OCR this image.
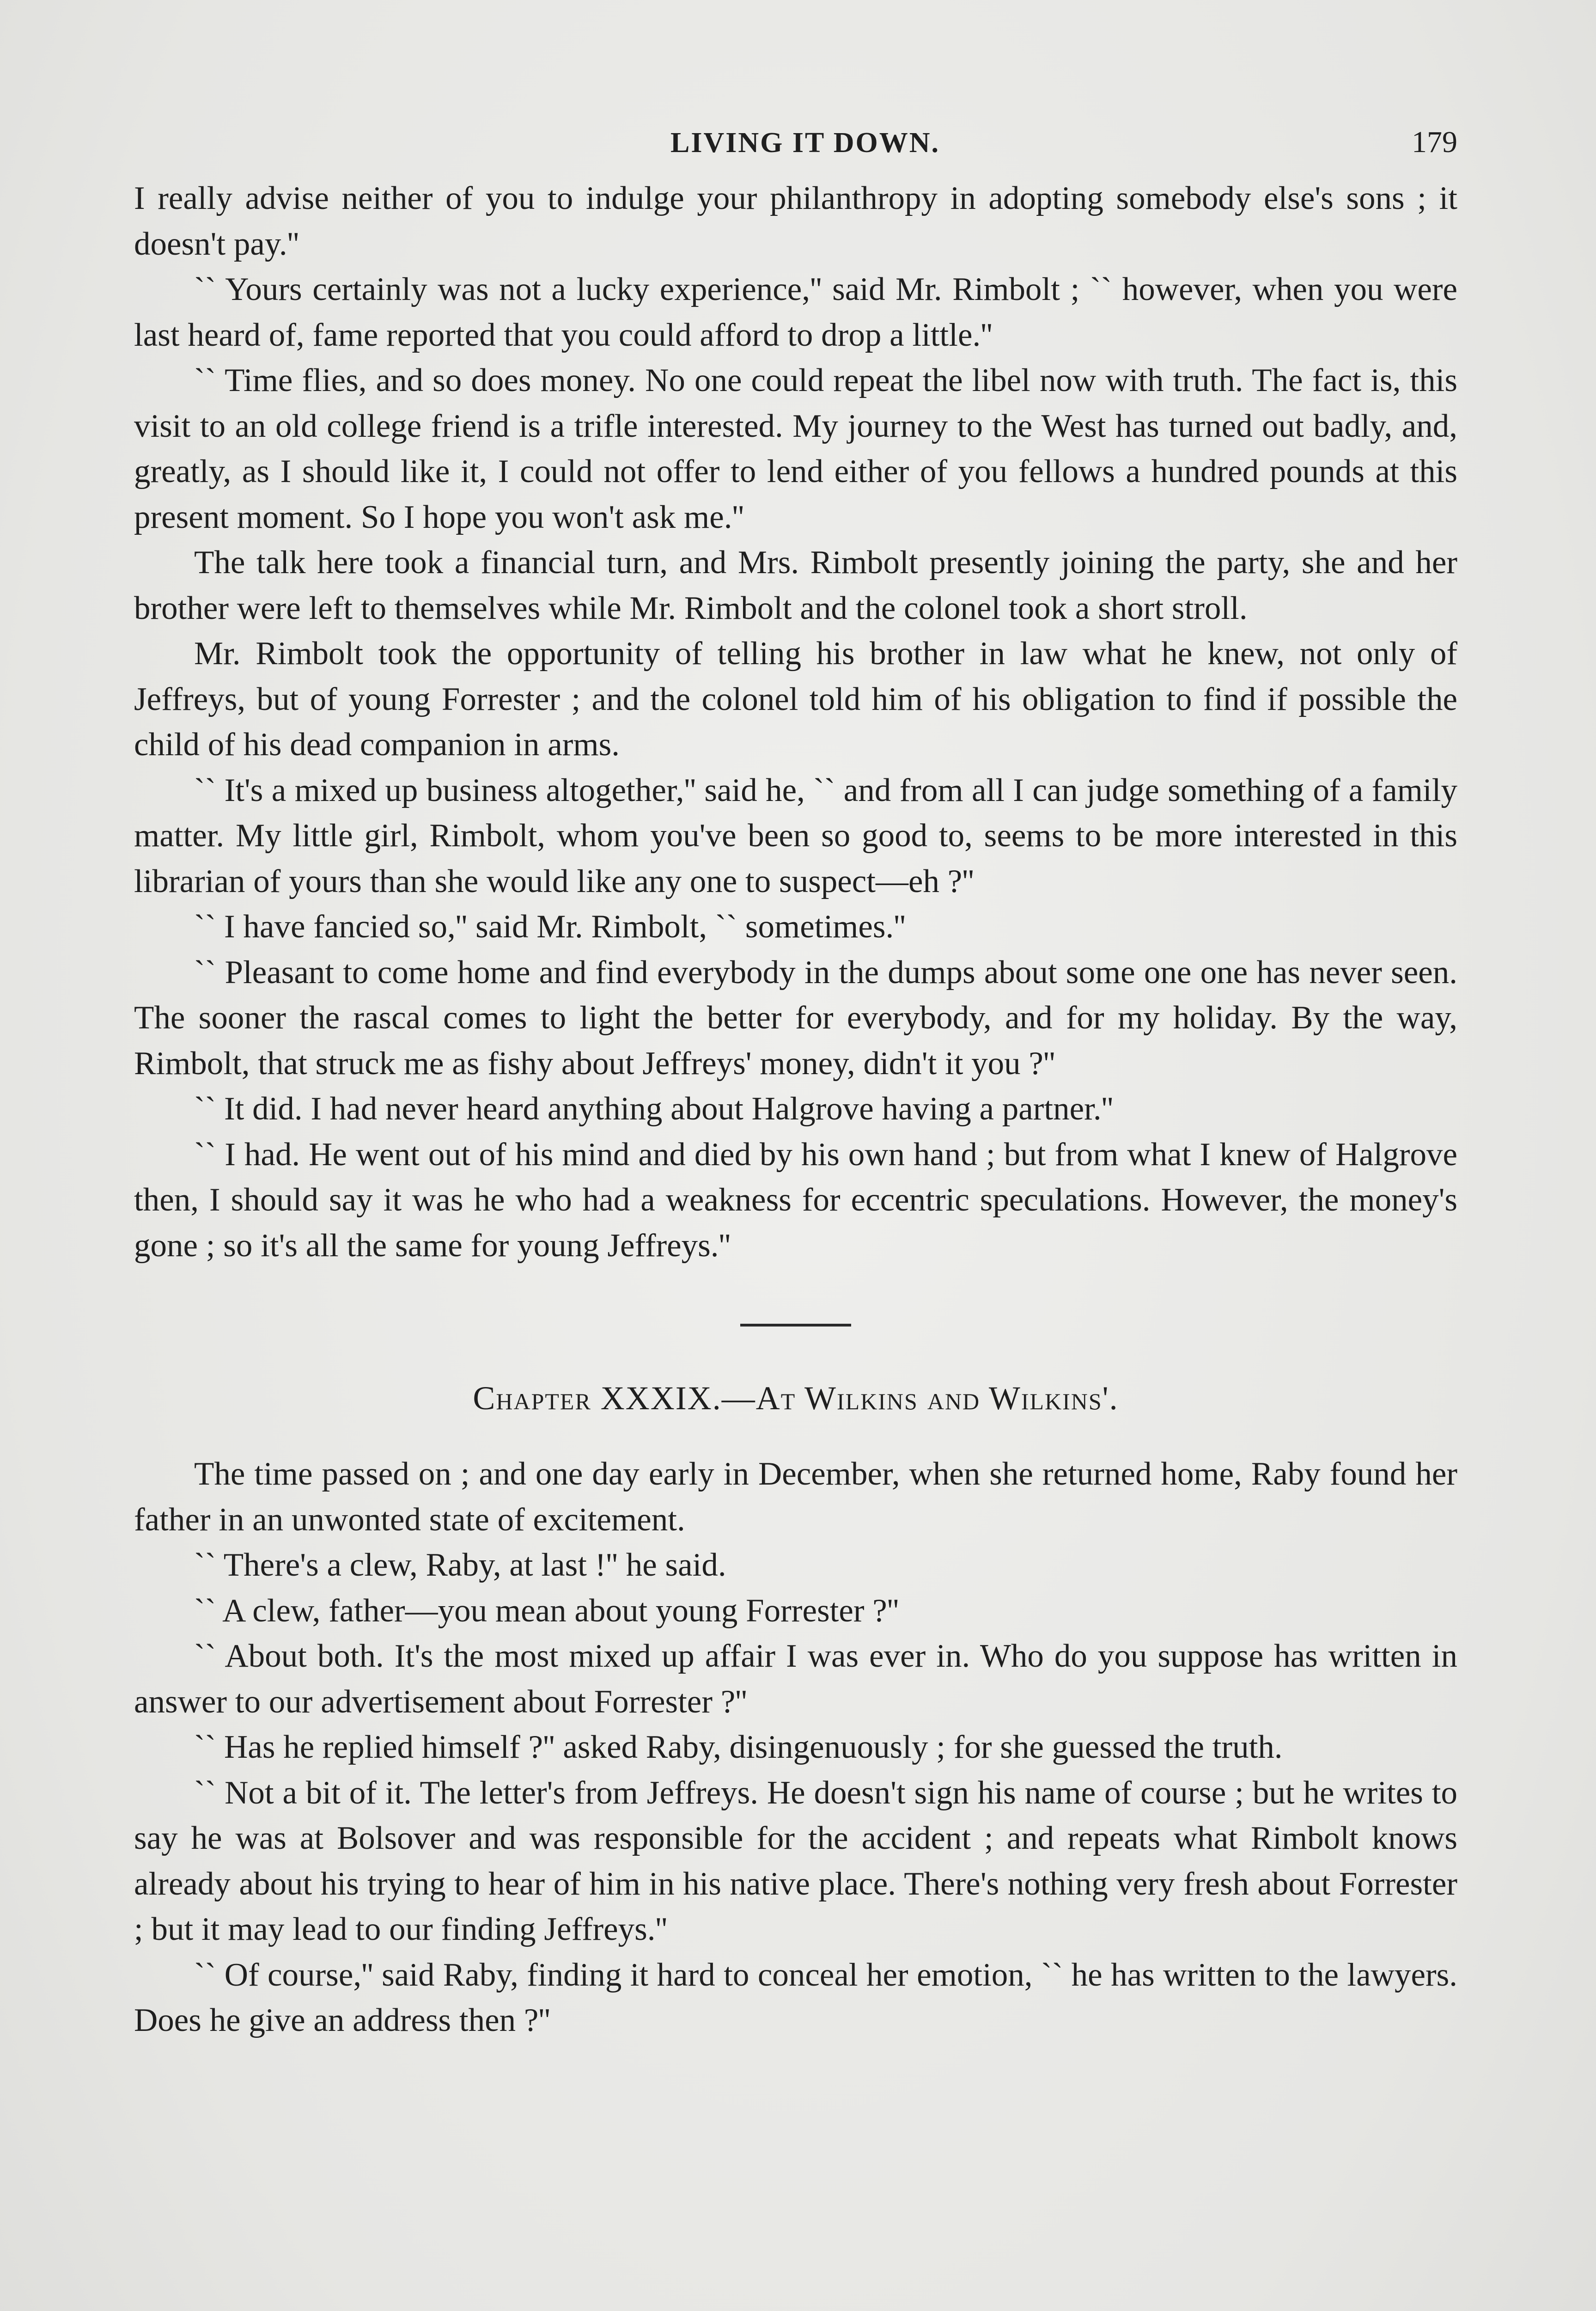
LIVING IT DOWN.	179

I really advise neither of you to indulge your philanthropy in adopting somebody else's sons ; it doesn't pay.''

`` Yours certainly was not a lucky experience,'' said Mr. Rimbolt ; `` however, when you were last heard of, fame reported that you could afford to drop a little.''

`` Time flies, and so does money. No one could repeat the libel now with truth. The fact is, this visit to an old college friend is a trifle interested. My journey to the West has turned out badly, and, greatly, as I should like it, I could not offer to lend either of you fellows a hundred pounds at this present moment. So I hope you won't ask me.''

The talk here took a financial turn, and Mrs. Rimbolt presently joining the party, she and her brother were left to themselves while Mr. Rimbolt and the colonel took a short stroll.

Mr. Rimbolt took the opportunity of telling his brother in law what he knew, not only of Jeffreys, but of young Forrester ; and the colonel told him of his obligation to find if possible the child of his dead companion in arms.

`` It's a mixed up business altogether,'' said he, `` and from all I can judge something of a family matter. My little girl, Rimbolt, whom you've been so good to, seems to be more interested in this librarian of yours than she would like any one to suspect—eh ?''

`` I have fancied so,'' said Mr. Rimbolt, `` sometimes.''

`` Pleasant to come home and find everybody in the dumps about some one one has never seen. The sooner the rascal comes to light the better for everybody, and for my holiday. By the way, Rimbolt, that struck me as fishy about Jeffreys' money, didn't it you ?''

`` It did. I had never heard anything about Halgrove having a partner.''

`` I had. He went out of his mind and died by his own hand ; but from what I knew of Halgrove then, I should say it was he who had a weakness for eccentric speculations. However, the money's gone ; so it's all the same for young Jeffreys.''

Chapter XXXIX.—At Wilkins and Wilkins'.

The time passed on ; and one day early in December, when she returned home, Raby found her father in an unwonted state of excitement.

`` There's a clew, Raby, at last !'' he said.

`` A clew, father—you mean about young Forrester ?''

`` About both. It's the most mixed up affair I was ever in. Who do you suppose has written in answer to our advertisement about Forrester ?''

`` Has he replied himself ?'' asked Raby, disingenuously ; for she guessed the truth.

`` Not a bit of it. The letter's from Jeffreys. He doesn't sign his name of course ; but he writes to say he was at Bolsover and was responsible for the accident ; and repeats what Rimbolt knows already about his trying to hear of him in his native place. There's nothing very fresh about Forrester ; but it may lead to our finding Jeffreys.''

`` Of course,'' said Raby, finding it hard to conceal her emotion, `` he has written to the lawyers. Does he give an address then ?''
